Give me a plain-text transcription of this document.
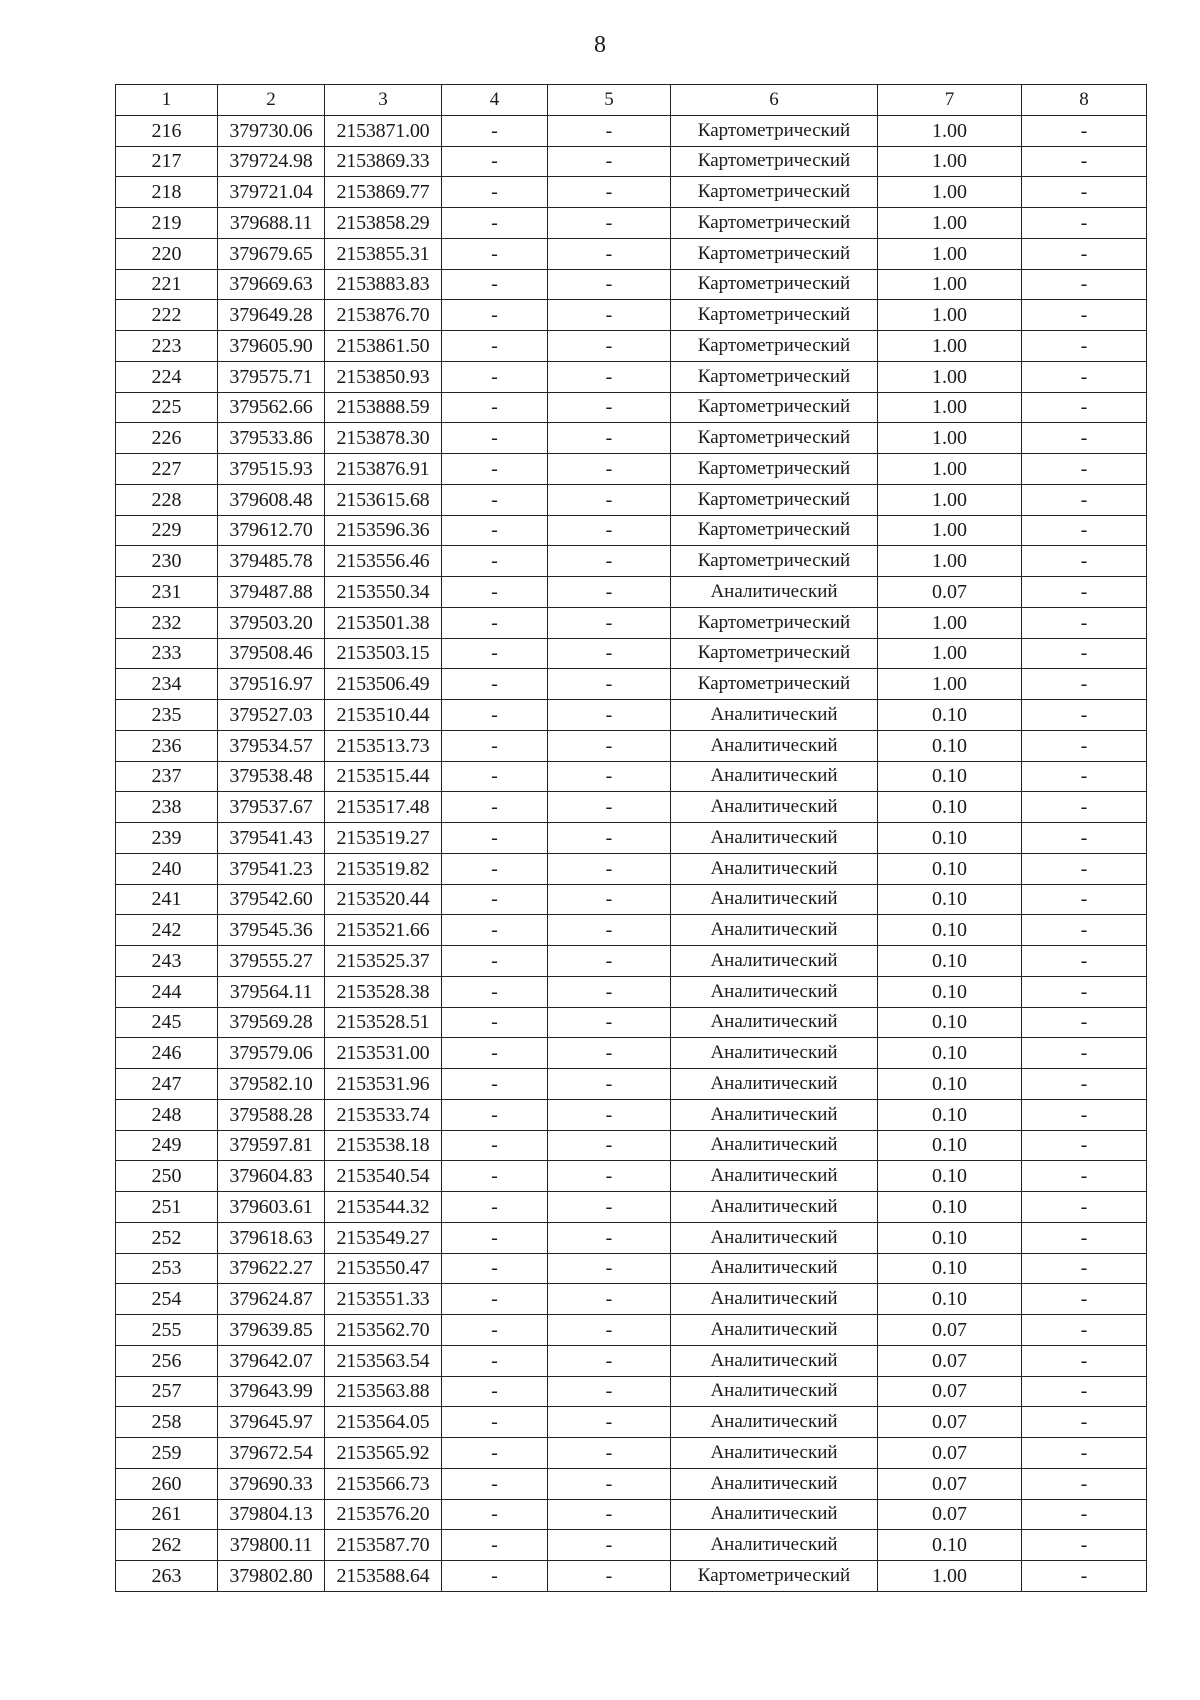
8
1	2	3	4	5	6	7	8
216	379730.06	2153871.00	-	-	Картометрический	1.00	-
217	379724.98	2153869.33	-	-	Картометрический	1.00	-
218	379721.04	2153869.77	-	-	Картометрический	1.00	-
219	379688.11	2153858.29	-	-	Картометрический	1.00	-
220	379679.65	2153855.31	-	-	Картометрический	1.00	-
221	379669.63	2153883.83	-	-	Картометрический	1.00	-
222	379649.28	2153876.70	-	-	Картометрический	1.00	-
223	379605.90	2153861.50	-	-	Картометрический	1.00	-
224	379575.71	2153850.93	-	-	Картометрический	1.00	-
225	379562.66	2153888.59	-	-	Картометрический	1.00	-
226	379533.86	2153878.30	-	-	Картометрический	1.00	-
227	379515.93	2153876.91	-	-	Картометрический	1.00	-
228	379608.48	2153615.68	-	-	Картометрический	1.00	-
229	379612.70	2153596.36	-	-	Картометрический	1.00	-
230	379485.78	2153556.46	-	-	Картометрический	1.00	-
231	379487.88	2153550.34	-	-	Аналитический	0.07	-
232	379503.20	2153501.38	-	-	Картометрический	1.00	-
233	379508.46	2153503.15	-	-	Картометрический	1.00	-
234	379516.97	2153506.49	-	-	Картометрический	1.00	-
235	379527.03	2153510.44	-	-	Аналитический	0.10	-
236	379534.57	2153513.73	-	-	Аналитический	0.10	-
237	379538.48	2153515.44	-	-	Аналитический	0.10	-
238	379537.67	2153517.48	-	-	Аналитический	0.10	-
239	379541.43	2153519.27	-	-	Аналитический	0.10	-
240	379541.23	2153519.82	-	-	Аналитический	0.10	-
241	379542.60	2153520.44	-	-	Аналитический	0.10	-
242	379545.36	2153521.66	-	-	Аналитический	0.10	-
243	379555.27	2153525.37	-	-	Аналитический	0.10	-
244	379564.11	2153528.38	-	-	Аналитический	0.10	-
245	379569.28	2153528.51	-	-	Аналитический	0.10	-
246	379579.06	2153531.00	-	-	Аналитический	0.10	-
247	379582.10	2153531.96	-	-	Аналитический	0.10	-
248	379588.28	2153533.74	-	-	Аналитический	0.10	-
249	379597.81	2153538.18	-	-	Аналитический	0.10	-
250	379604.83	2153540.54	-	-	Аналитический	0.10	-
251	379603.61	2153544.32	-	-	Аналитический	0.10	-
252	379618.63	2153549.27	-	-	Аналитический	0.10	-
253	379622.27	2153550.47	-	-	Аналитический	0.10	-
254	379624.87	2153551.33	-	-	Аналитический	0.10	-
255	379639.85	2153562.70	-	-	Аналитический	0.07	-
256	379642.07	2153563.54	-	-	Аналитический	0.07	-
257	379643.99	2153563.88	-	-	Аналитический	0.07	-
258	379645.97	2153564.05	-	-	Аналитический	0.07	-
259	379672.54	2153565.92	-	-	Аналитический	0.07	-
260	379690.33	2153566.73	-	-	Аналитический	0.07	-
261	379804.13	2153576.20	-	-	Аналитический	0.07	-
262	379800.11	2153587.70	-	-	Аналитический	0.10	-
263	379802.80	2153588.64	-	-	Картометрический	1.00	-
